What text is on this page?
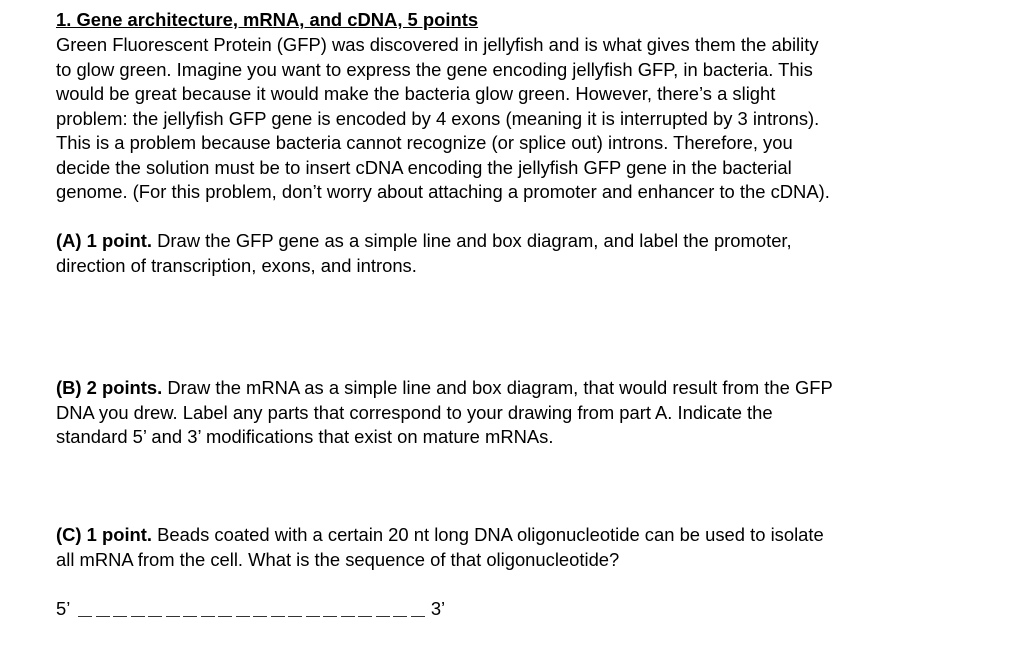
1. Gene architecture, mRNA, and cDNA, 5 points
Green Fluorescent Protein (GFP) was discovered in jellyfish and is what gives them the ability
to glow green. Imagine you want to express the gene encoding jellyfish GFP, in bacteria. This
would be great because it would make the bacteria glow green. However, there’s a slight
problem: the jellyfish GFP gene is encoded by 4 exons (meaning it is interrupted by 3 introns).
This is a problem because bacteria cannot recognize (or splice out) introns. Therefore, you
decide the solution must be to insert cDNA encoding the jellyfish GFP gene in the bacterial
genome. (For this problem, don’t worry about attaching a promoter and enhancer to the cDNA).
(A) 1 point. Draw the GFP gene as a simple line and box diagram, and label the promoter,
direction of transcription, exons, and introns.
(B) 2 points. Draw the mRNA as a simple line and box diagram, that would result from the GFP
DNA you drew. Label any parts that correspond to your drawing from part A. Indicate the
standard 5’ and 3’ modifications that exist on mature mRNAs.
(C) 1 point. Beads coated with a certain 20 nt long DNA oligonucleotide can be used to isolate
all mRNA from the cell. What is the sequence of that oligonucleotide?
5’	3’
